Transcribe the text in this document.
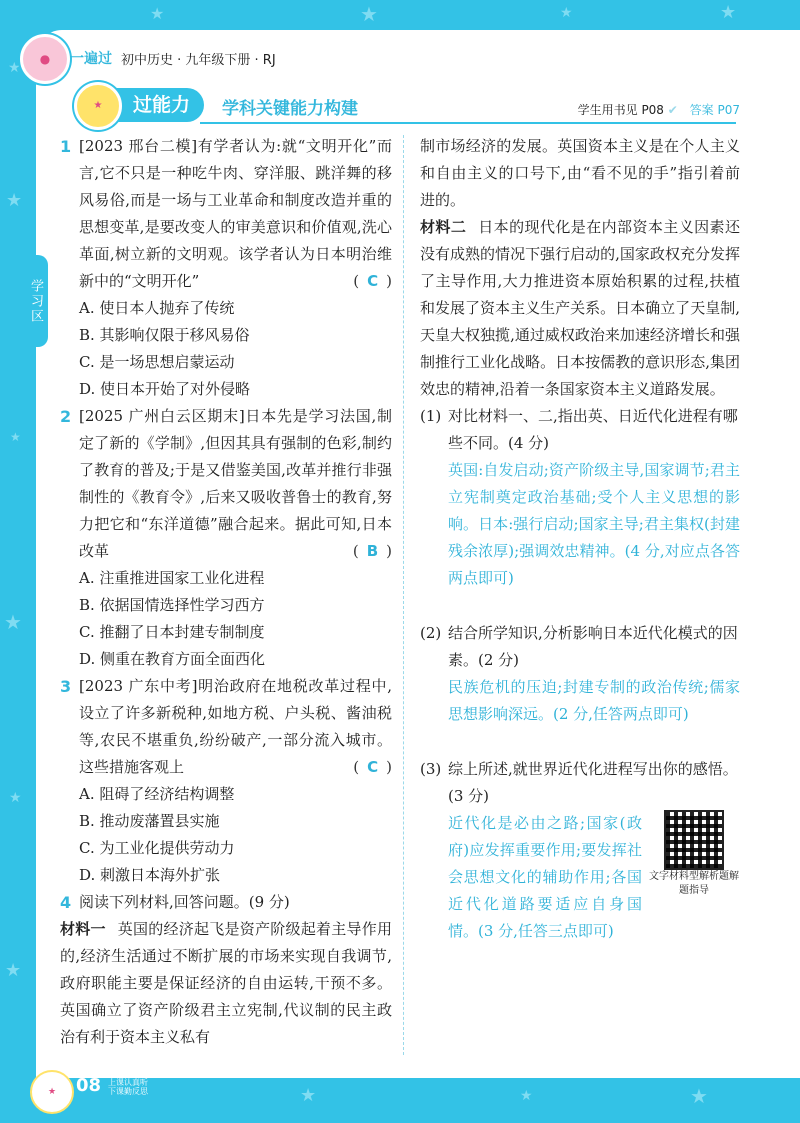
★
★
★
★
★
★
★	★	★	★
★	★	★
学习区
●	一遍过 初中历史 · 九年级下册 · RJ
过能力
★	学科关键能力构建	学生用书见 P08 ✔ 答案 P07
1 [2023 邢台二模]有学者认为:就“文明开化”而言,它不只是一种吃牛肉、穿洋服、跳洋舞的移风易俗,而是一场与工业革命和制度改造并重的思想变革,是要改变人的审美意识和价值观,洗心革面,树立新的文明观。该学者认为日本明治维新中的“文明开化”	( C )
A. 使日本人抛弃了传统
B. 其影响仅限于移风易俗
C. 是一场思想启蒙运动
D. 使日本开始了对外侵略
2 [2025 广州白云区期末]日本先是学习法国,制定了新的《学制》,但因其具有强制的色彩,制约了教育的普及;于是又借鉴美国,改革并推行非强制性的《教育令》,后来又吸收普鲁士的教育,努力把它和“东洋道德”融合起来。据此可知,日本改革	( B )
A. 注重推进国家工业化进程
B. 依据国情选择性学习西方
C. 推翻了日本封建专制制度
D. 侧重在教育方面全面西化
3 [2023 广东中考]明治政府在地税改革过程中,设立了许多新税种,如地方税、户头税、酱油税等,农民不堪重负,纷纷破产,一部分流入城市。这些措施客观上	( C )
A. 阻碍了经济结构调整
B. 推动废藩置县实施
C. 为工业化提供劳动力
D. 刺激日本海外扩张
4 阅读下列材料,回答问题。(9 分)
材料一 英国的经济起飞是资产阶级起着主导作用的,经济生活通过不断扩展的市场来实现自我调节,政府职能主要是保证经济的自由运转,干预不多。英国确立了资产阶级君主立宪制,代议制的民主政治有利于资本主义私有
制市场经济的发展。英国资本主义是在个人主义和自由主义的口号下,由“看不见的手”指引着前进的。
材料二 日本的现代化是在内部资本主义因素还没有成熟的情况下强行启动的,国家政权充分发挥了主导作用,大力推进资本原始积累的过程,扶植和发展了资本主义生产关系。日本确立了天皇制,天皇大权独揽,通过威权政治来加速经济增长和强制推行工业化战略。日本按儒教的意识形态,集团效忠的精神,沿着一条国家资本主义道路发展。
(1) 对比材料一、二,指出英、日近代化进程有哪些不同。(4 分)
英国:自发启动;资产阶级主导,国家调节;君主立宪制奠定政治基础;受个人主义思想的影响。日本:强行启动;国家主导;君主集权(封建残余浓厚);强调效忠精神。(4 分,对应点各答两点即可)
(2) 结合所学知识,分析影响日本近代化模式的因素。(2 分)
民族危机的压迫;封建专制的政治传统;儒家思想影响深远。(2 分,任答两点即可)
(3) 综上所述,就世界近代化进程写出你的感悟。(3 分)
文字材料型解析题解题指导
近代化是必由之路;国家(政府)应发挥重要作用;要发挥社会思想文化的辅助作用;各国近代化道路要适应自身国情。(3 分,任答三点即可)
★	08 上课认真听
下课勤反思
